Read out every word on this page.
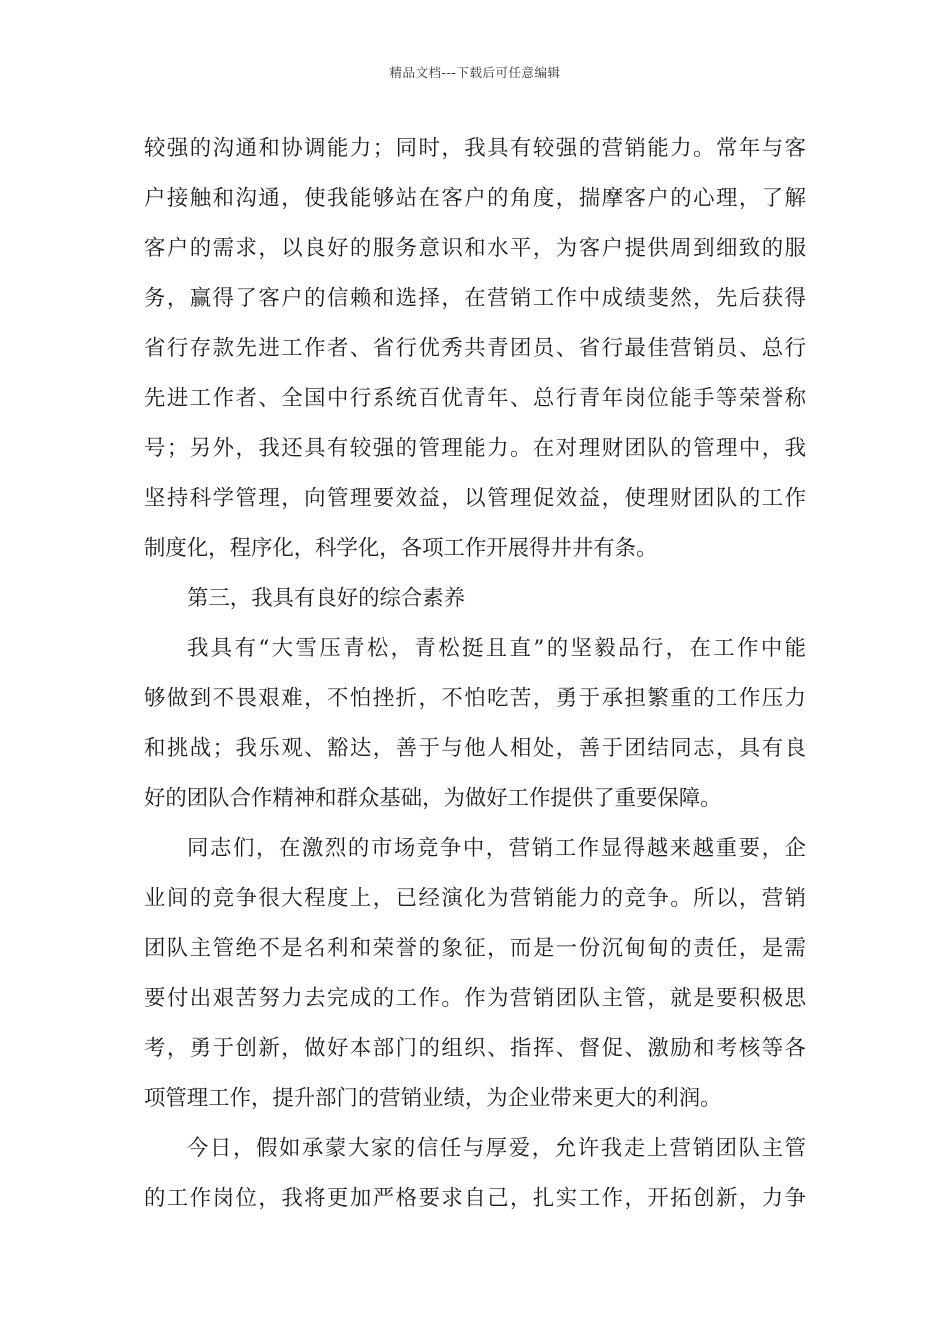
精品文档---下载后可任意编辑
较强的沟通和协调能力；同时，我具有较强的营销能力。常年与客
户接触和沟通，使我能够站在客户的角度，揣摩客户的心理，了解
客户的需求，以良好的服务意识和水平，为客户提供周到细致的服
务，赢得了客户的信赖和选择，在营销工作中成绩斐然，先后获得
省行存款先进工作者、省行优秀共青团员、省行最佳营销员、总行
先进工作者、全国中行系统百优青年、总行青年岗位能手等荣誉称
号；另外，我还具有较强的管理能力。在对理财团队的管理中，我
坚持科学管理，向管理要效益，以管理促效益，使理财团队的工作
制度化，程序化，科学化，各项工作开展得井井有条。
第三，我具有良好的综合素养
我具有“大雪压青松，青松挺且直”的坚毅品行，在工作中能
够做到不畏艰难，不怕挫折，不怕吃苦，勇于承担繁重的工作压力
和挑战；我乐观、豁达，善于与他人相处，善于团结同志，具有良
好的团队合作精神和群众基础，为做好工作提供了重要保障。
同志们，在激烈的市场竞争中，营销工作显得越来越重要，企
业间的竞争很大程度上，已经演化为营销能力的竞争。所以，营销
团队主管绝不是名利和荣誉的象征，而是一份沉甸甸的责任，是需
要付出艰苦努力去完成的工作。作为营销团队主管，就是要积极思
考，勇于创新，做好本部门的组织、指挥、督促、激励和考核等各
项管理工作，提升部门的营销业绩，为企业带来更大的利润。
今日，假如承蒙大家的信任与厚爱，允许我走上营销团队主管
的工作岗位，我将更加严格要求自己，扎实工作，开拓创新，力争
